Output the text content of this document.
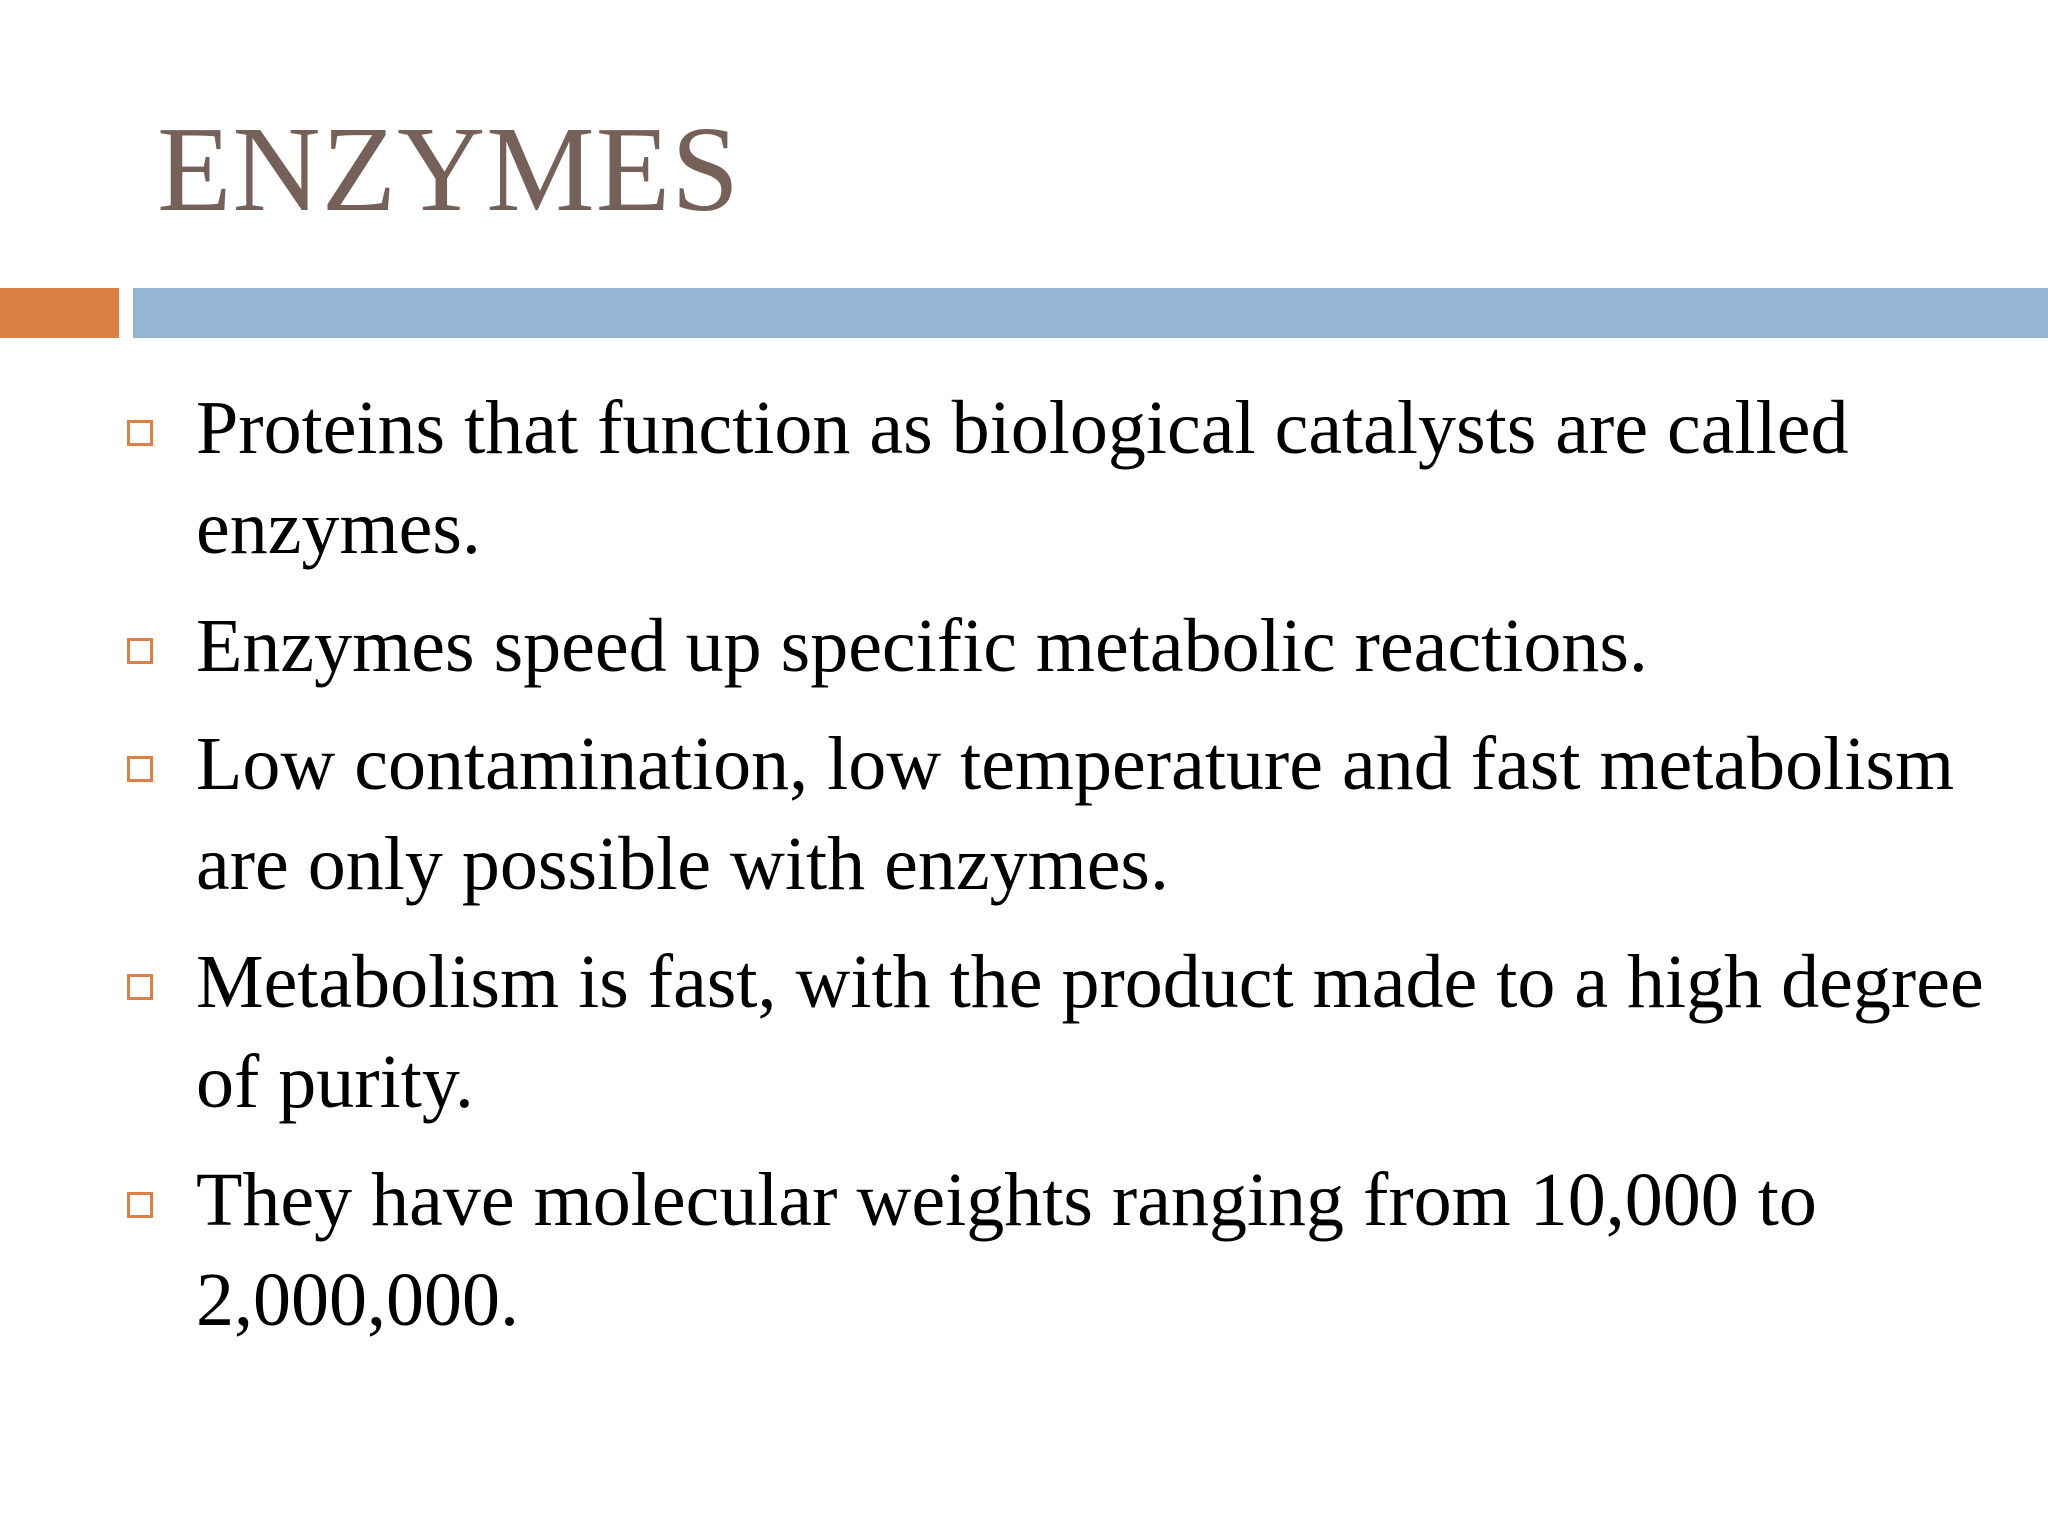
ENZYMES
Proteins that function as biological catalysts are called enzymes.
Enzymes speed up specific metabolic reactions.
Low contamination, low temperature and fast metabolism are only possible with enzymes.
Metabolism is fast, with the product made to a high degree of purity.
They have molecular weights ranging from 10,000 to 2,000,000.
